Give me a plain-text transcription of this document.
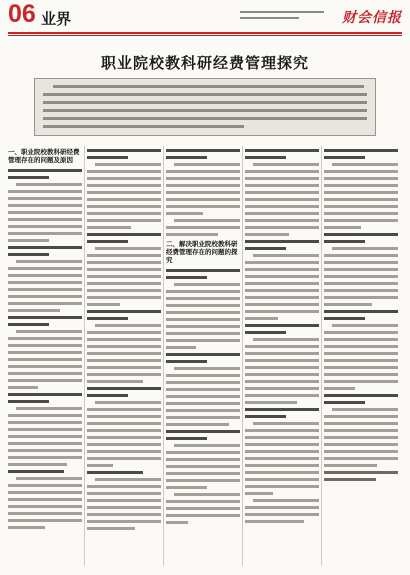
06 业界	财会信报
职业院校教科研经费管理探究
一、职业院校教科研经费管理存在的问题及原因
二、解决职业院校教科研经费管理存在的问题的探究
